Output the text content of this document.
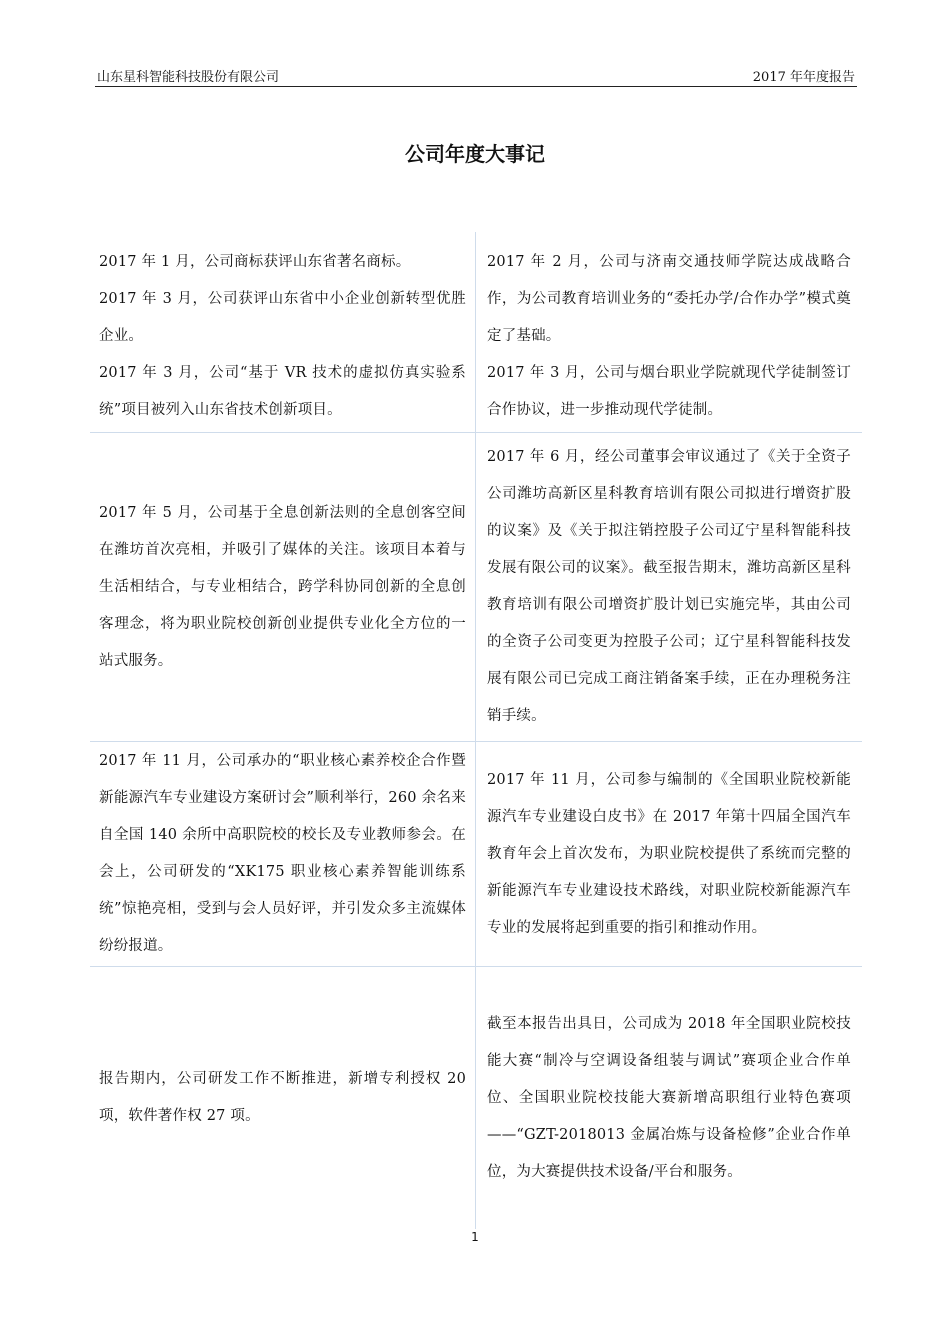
山东星科智能科技股份有限公司	2017 年年度报告
公司年度大事记

2017 年 1 月，公司商标获评山东省著名商标。

2017 年 3 月，公司获评山东省中小企业创新转型优胜企业。

2017 年 3 月，公司“基于 VR 技术的虚拟仿真实验系统”项目被列入山东省技术创新项目。

2017 年 2 月，公司与济南交通技师学院达成战略合作，为公司教育培训业务的“委托办学/合作办学”模式奠定了基础。

2017 年 3 月，公司与烟台职业学院就现代学徒制签订合作协议，进一步推动现代学徒制。

2017 年 5 月，公司基于全息创新法则的全息创客空间在潍坊首次亮相，并吸引了媒体的关注。该项目本着与生活相结合，与专业相结合，跨学科协同创新的全息创客理念，将为职业院校创新创业提供专业化全方位的一站式服务。

2017 年 6 月，经公司董事会审议通过了《关于全资子公司潍坊高新区星科教育培训有限公司拟进行增资扩股的议案》及《关于拟注销控股子公司辽宁星科智能科技发展有限公司的议案》。截至报告期末，潍坊高新区星科教育培训有限公司增资扩股计划已实施完毕，其由公司的全资子公司变更为控股子公司；辽宁星科智能科技发展有限公司已完成工商注销备案手续，正在办理税务注销手续。

2017 年 11 月，公司承办的“职业核心素养校企合作暨新能源汽车专业建设方案研讨会”顺利举行，260 余名来自全国 140 余所中高职院校的校长及专业教师参会。在会上，公司研发的“XK175 职业核心素养智能训练系统”惊艳亮相，受到与会人员好评，并引发众多主流媒体纷纷报道。

2017 年 11 月，公司参与编制的《全国职业院校新能源汽车专业建设白皮书》在 2017 年第十四届全国汽车教育年会上首次发布，为职业院校提供了系统而完整的新能源汽车专业建设技术路线，对职业院校新能源汽车专业的发展将起到重要的指引和推动作用。

报告期内，公司研发工作不断推进，新增专利授权 20 项，软件著作权 27 项。

截至本报告出具日，公司成为 2018 年全国职业院校技能大赛“制冷与空调设备组装与调试”赛项企业合作单位、全国职业院校技能大赛新增高职组行业特色赛项——“GZT-2018013 金属冶炼与设备检修”企业合作单位，为大赛提供技术设备/平台和服务。

1
